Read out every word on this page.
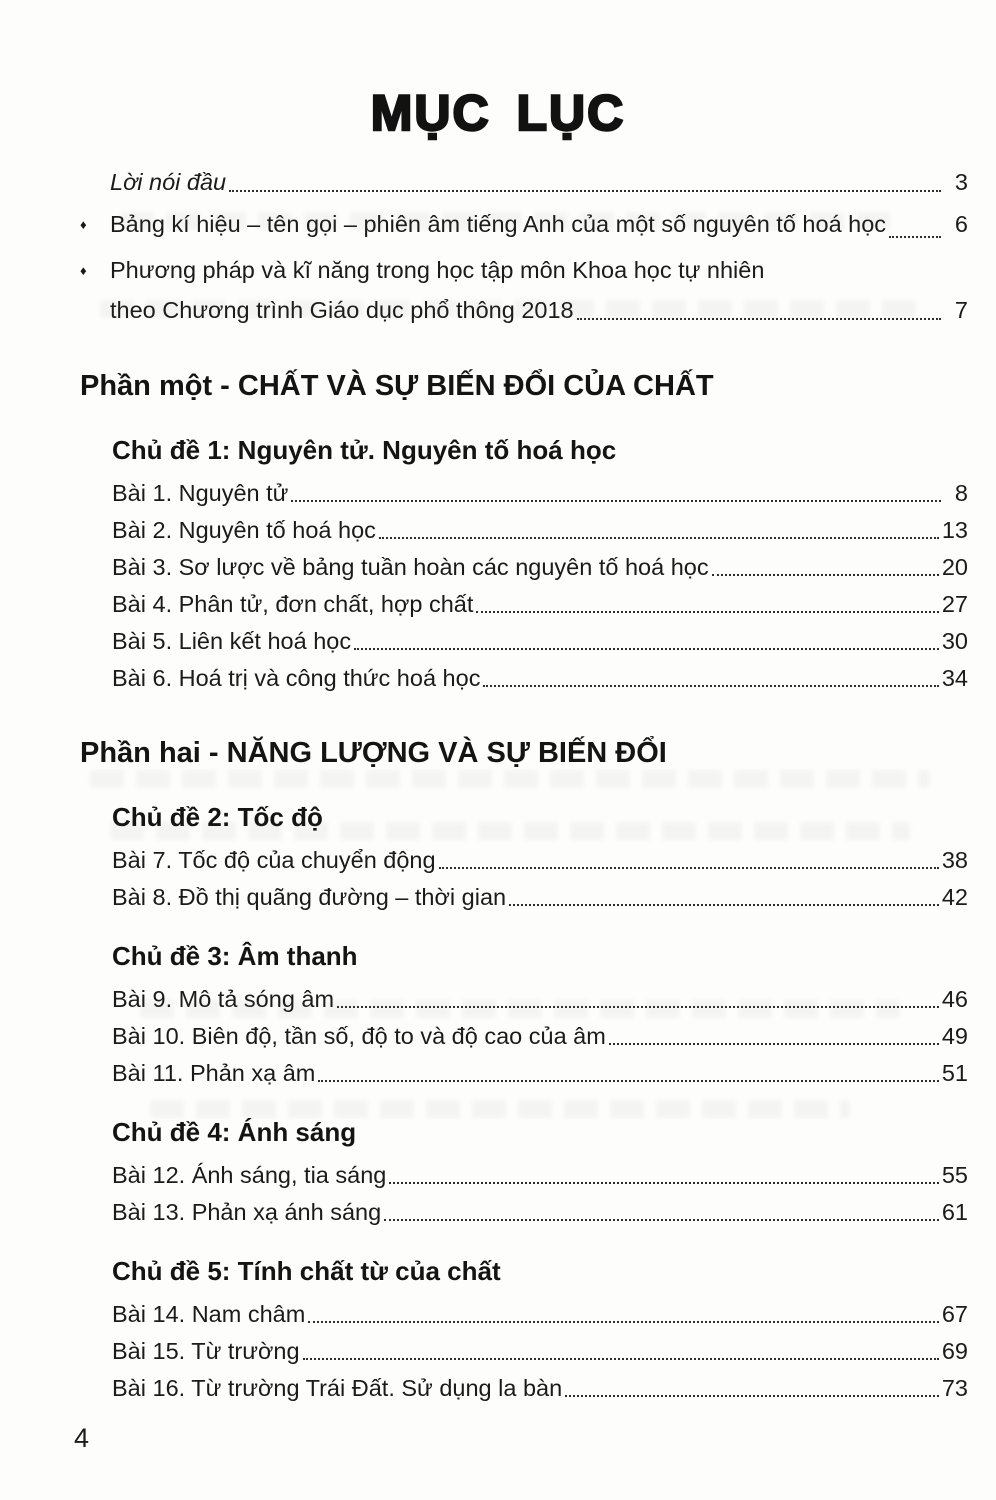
MỤC LỤC
Lời nói đầu	3
♦ Bảng kí hiệu – tên gọi – phiên âm tiếng Anh của một số nguyên tố hoá học	6
♦ Phương pháp và kĩ năng trong học tập môn Khoa học tự nhiên
theo Chương trình Giáo dục phổ thông 2018	7
Phần một - CHẤT VÀ SỰ BIẾN ĐỔI CỦA CHẤT
Chủ đề 1: Nguyên tử. Nguyên tố hoá học
Bài 1. Nguyên tử	8
Bài 2. Nguyên tố hoá học	13
Bài 3. Sơ lược về bảng tuần hoàn các nguyên tố hoá học	20
Bài 4. Phân tử, đơn chất, hợp chất	27
Bài 5. Liên kết hoá học	30
Bài 6. Hoá trị và công thức hoá học	34
Phần hai - NĂNG LƯỢNG VÀ SỰ BIẾN ĐỔI
Chủ đề 2: Tốc độ
Bài 7. Tốc độ của chuyển động	38
Bài 8. Đồ thị quãng đường – thời gian	42
Chủ đề 3: Âm thanh
Bài 9. Mô tả sóng âm	46
Bài 10. Biên độ, tần số, độ to và độ cao của âm	49
Bài 11. Phản xạ âm	51
Chủ đề 4: Ánh sáng
Bài 12. Ánh sáng, tia sáng	55
Bài 13. Phản xạ ánh sáng	61
Chủ đề 5: Tính chất từ của chất
Bài 14. Nam châm	67
Bài 15. Từ trường	69
Bài 16. Từ trường Trái Đất. Sử dụng la bàn	73
4
